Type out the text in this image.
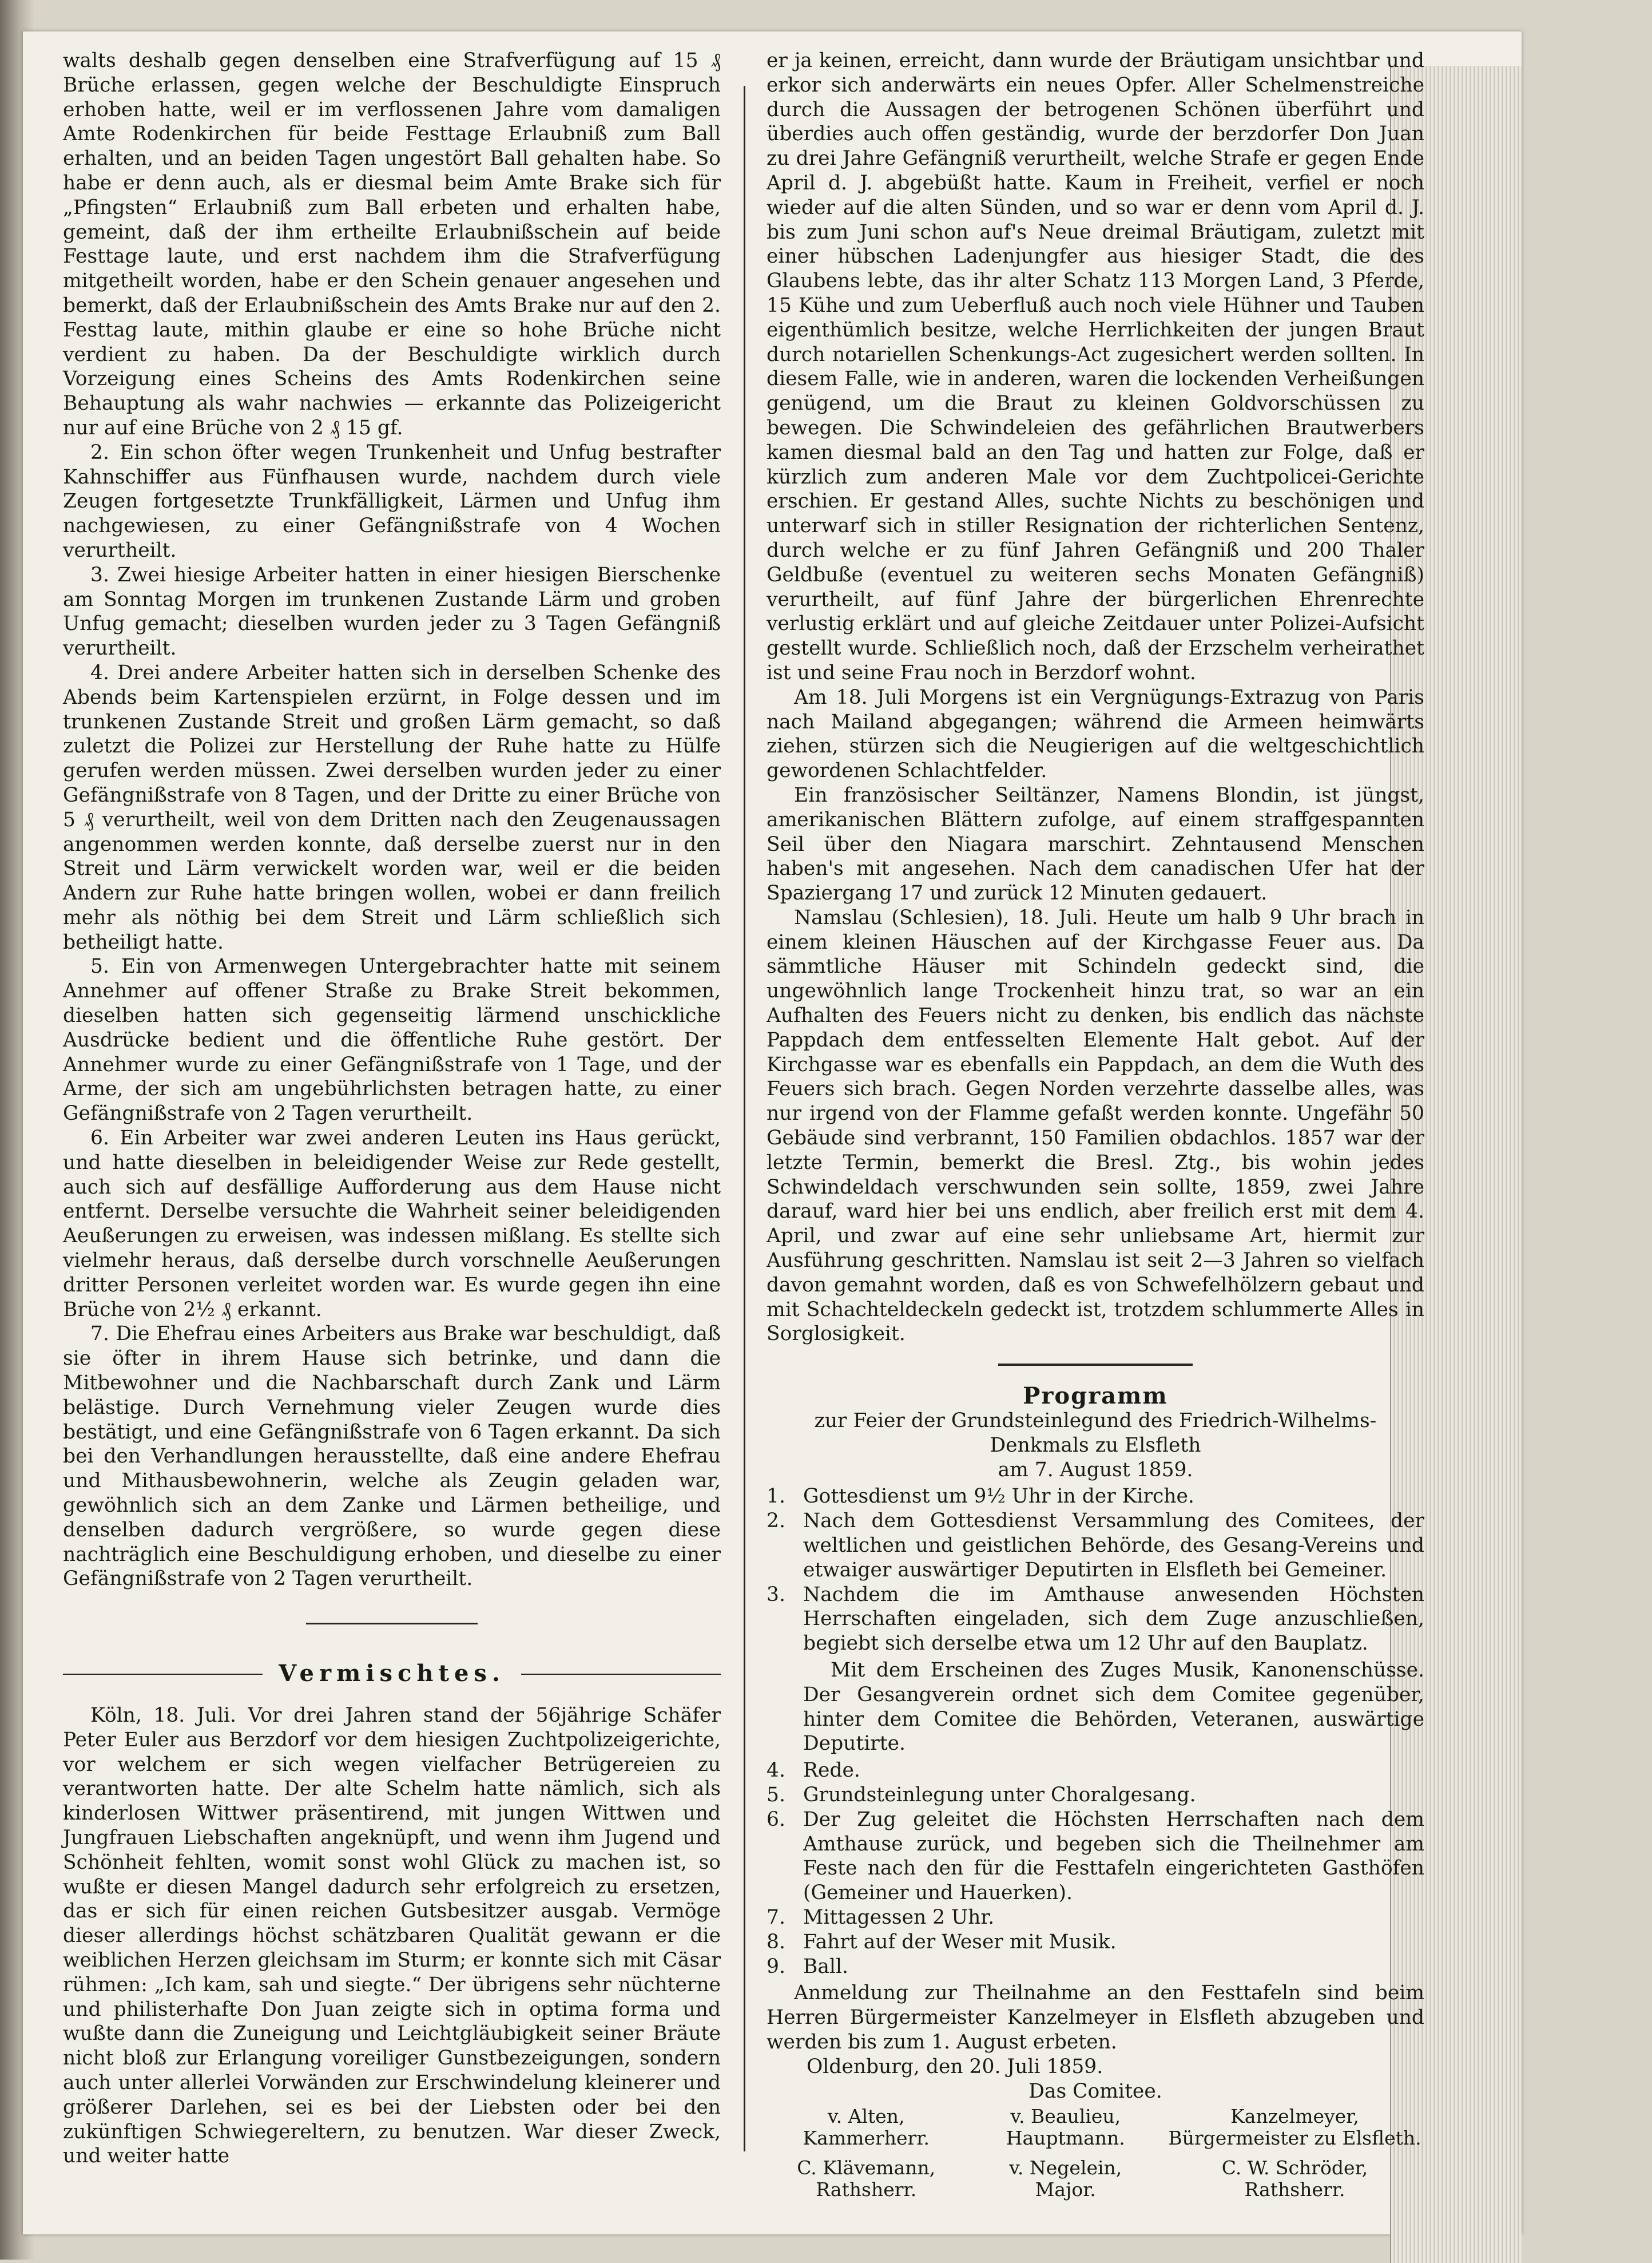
walts deshalb gegen denselben eine Strafverfügung auf 15 ₰ Brüche erlassen, gegen welche der Beschuldigte Einspruch erhoben hatte, weil er im verflossenen Jahre vom damaligen Amte Rodenkirchen für beide Festtage Erlaubniß zum Ball erhalten, und an beiden Tagen ungestört Ball gehalten habe. So habe er denn auch, als er diesmal beim Amte Brake sich für „Pfingsten“ Erlaubniß zum Ball erbeten und erhalten habe, gemeint, daß der ihm ertheilte Erlaubnißschein auf beide Festtage laute, und erst nachdem ihm die Strafverfügung mitgetheilt worden, habe er den Schein genauer angesehen und bemerkt, daß der Erlaubnißschein des Amts Brake nur auf den 2. Festtag laute, mithin glaube er eine so hohe Brüche nicht verdient zu haben. Da der Beschuldigte wirklich durch Vorzeigung eines Scheins des Amts Rodenkirchen seine Behauptung als wahr nachwies — erkannte das Polizeigericht nur auf eine Brüche von 2 ₰ 15 gf.

2. Ein schon öfter wegen Trunkenheit und Unfug bestrafter Kahnschiffer aus Fünfhausen wurde, nachdem durch viele Zeugen fortgesetzte Trunkfälligkeit, Lärmen und Unfug ihm nachgewiesen, zu einer Gefängnißstrafe von 4 Wochen verurtheilt.

3. Zwei hiesige Arbeiter hatten in einer hiesigen Bierschenke am Sonntag Morgen im trunkenen Zustande Lärm und groben Unfug gemacht; dieselben wurden jeder zu 3 Tagen Gefängniß verurtheilt.

4. Drei andere Arbeiter hatten sich in derselben Schenke des Abends beim Kartenspielen erzürnt, in Folge dessen und im trunkenen Zustande Streit und großen Lärm gemacht, so daß zuletzt die Polizei zur Herstellung der Ruhe hatte zu Hülfe gerufen werden müssen. Zwei derselben wurden jeder zu einer Gefängnißstrafe von 8 Tagen, und der Dritte zu einer Brüche von 5 ₰ verurtheilt, weil von dem Dritten nach den Zeugenaussagen angenommen werden konnte, daß derselbe zuerst nur in den Streit und Lärm verwickelt worden war, weil er die beiden Andern zur Ruhe hatte bringen wollen, wobei er dann freilich mehr als nöthig bei dem Streit und Lärm schließlich sich betheiligt hatte.

5. Ein von Armenwegen Untergebrachter hatte mit seinem Annehmer auf offener Straße zu Brake Streit bekommen, dieselben hatten sich gegenseitig lärmend unschickliche Ausdrücke bedient und die öffentliche Ruhe gestört. Der Annehmer wurde zu einer Gefängnißstrafe von 1 Tage, und der Arme, der sich am ungebührlichsten betragen hatte, zu einer Gefängnißstrafe von 2 Tagen verurtheilt.

6. Ein Arbeiter war zwei anderen Leuten ins Haus gerückt, und hatte dieselben in beleidigender Weise zur Rede gestellt, auch sich auf desfällige Aufforderung aus dem Hause nicht entfernt. Derselbe versuchte die Wahrheit seiner beleidigenden Aeußerungen zu erweisen, was indessen mißlang. Es stellte sich vielmehr heraus, daß derselbe durch vorschnelle Aeußerungen dritter Personen verleitet worden war. Es wurde gegen ihn eine Brüche von 2½ ₰ erkannt.

7. Die Ehefrau eines Arbeiters aus Brake war beschuldigt, daß sie öfter in ihrem Hause sich betrinke, und dann die Mitbewohner und die Nachbarschaft durch Zank und Lärm belästige. Durch Vernehmung vieler Zeugen wurde dies bestätigt, und eine Gefängnißstrafe von 6 Tagen erkannt. Da sich bei den Verhandlungen herausstellte, daß eine andere Ehefrau und Mithausbewohnerin, welche als Zeugin geladen war, gewöhnlich sich an dem Zanke und Lärmen betheilige, und denselben dadurch vergrößere, so wurde gegen diese nachträglich eine Beschuldigung erhoben, und dieselbe zu einer Gefängnißstrafe von 2 Tagen verurtheilt.

Vermischtes.

Köln, 18. Juli. Vor drei Jahren stand der 56jährige Schäfer Peter Euler aus Berzdorf vor dem hiesigen Zuchtpolizeigerichte, vor welchem er sich wegen vielfacher Betrügereien zu verantworten hatte. Der alte Schelm hatte nämlich, sich als kinderlosen Wittwer präsentirend, mit jungen Wittwen und Jungfrauen Liebschaften angeknüpft, und wenn ihm Jugend und Schönheit fehlten, womit sonst wohl Glück zu machen ist, so wußte er diesen Mangel dadurch sehr erfolgreich zu ersetzen, das er sich für einen reichen Gutsbesitzer ausgab. Vermöge dieser allerdings höchst schätzbaren Qualität gewann er die weiblichen Herzen gleichsam im Sturm; er konnte sich mit Cäsar rühmen: „Ich kam, sah und siegte.“ Der übrigens sehr nüchterne und philisterhafte Don Juan zeigte sich in optima forma und wußte dann die Zuneigung und Leichtgläubigkeit seiner Bräute nicht bloß zur Erlangung voreiliger Gunstbezeigungen, sondern auch unter allerlei Vorwänden zur Erschwindelung kleinerer und größerer Darlehen, sei es bei der Liebsten oder bei den zukünftigen Schwiegereltern, zu benutzen. War dieser Zweck, und weiter hatte

er ja keinen, erreicht, dann wurde der Bräutigam unsichtbar und erkor sich anderwärts ein neues Opfer. Aller Schelmenstreiche durch die Aussagen der betrogenen Schönen überführt und überdies auch offen geständig, wurde der berzdorfer Don Juan zu drei Jahre Gefängniß verurtheilt, welche Strafe er gegen Ende April d. J. abgebüßt hatte. Kaum in Freiheit, verfiel er noch wieder auf die alten Sünden, und so war er denn vom April d. J. bis zum Juni schon auf's Neue dreimal Bräutigam, zuletzt mit einer hübschen Ladenjungfer aus hiesiger Stadt, die des Glaubens lebte, das ihr alter Schatz 113 Morgen Land, 3 Pferde, 15 Kühe und zum Ueberfluß auch noch viele Hühner und Tauben eigenthümlich besitze, welche Herrlichkeiten der jungen Braut durch notariellen Schenkungs-Act zugesichert werden sollten. In diesem Falle, wie in anderen, waren die lockenden Verheißungen genügend, um die Braut zu kleinen Goldvorschüssen zu bewegen. Die Schwindeleien des gefährlichen Brautwerbers kamen diesmal bald an den Tag und hatten zur Folge, daß er kürzlich zum anderen Male vor dem Zuchtpolicei-Gerichte erschien. Er gestand Alles, suchte Nichts zu beschönigen und unterwarf sich in stiller Resignation der richterlichen Sentenz, durch welche er zu fünf Jahren Gefängniß und 200 Thaler Geldbuße (eventuel zu weiteren sechs Monaten Gefängniß) verurtheilt, auf fünf Jahre der bürgerlichen Ehrenrechte verlustig erklärt und auf gleiche Zeitdauer unter Polizei-Aufsicht gestellt wurde. Schließlich noch, daß der Erzschelm verheirathet ist und seine Frau noch in Berzdorf wohnt.

Am 18. Juli Morgens ist ein Vergnügungs-Extrazug von Paris nach Mailand abgegangen; während die Armeen heimwärts ziehen, stürzen sich die Neugierigen auf die weltgeschichtlich gewordenen Schlachtfelder.

Ein französischer Seiltänzer, Namens Blondin, ist jüngst, amerikanischen Blättern zufolge, auf einem straffgespannten Seil über den Niagara marschirt. Zehntausend Menschen haben's mit angesehen. Nach dem canadischen Ufer hat der Spaziergang 17 und zurück 12 Minuten gedauert.

Namslau (Schlesien), 18. Juli. Heute um halb 9 Uhr brach in einem kleinen Häuschen auf der Kirchgasse Feuer aus. Da sämmtliche Häuser mit Schindeln gedeckt sind, die ungewöhnlich lange Trockenheit hinzu trat, so war an ein Aufhalten des Feuers nicht zu denken, bis endlich das nächste Pappdach dem entfesselten Elemente Halt gebot. Auf der Kirchgasse war es ebenfalls ein Pappdach, an dem die Wuth des Feuers sich brach. Gegen Norden verzehrte dasselbe alles, was nur irgend von der Flamme gefaßt werden konnte. Ungefähr 50 Gebäude sind verbrannt, 150 Familien obdachlos. 1857 war der letzte Termin, bemerkt die Bresl. Ztg., bis wohin jedes Schwindeldach verschwunden sein sollte, 1859, zwei Jahre darauf, ward hier bei uns endlich, aber freilich erst mit dem 4. April, und zwar auf eine sehr unliebsame Art, hiermit zur Ausführung geschritten. Namslau ist seit 2—3 Jahren so vielfach davon gemahnt worden, daß es von Schwefelhölzern gebaut und mit Schachteldeckeln gedeckt ist, trotzdem schlummerte Alles in Sorglosigkeit.

Programm
zur Feier der Grundsteinlegund des Friedrich-Wilhelms-Denkmals zu Elsfleth
am 7. August 1859.
1. Gottesdienst um 9½ Uhr in der Kirche.
2. Nach dem Gottesdienst Versammlung des Comitees, der weltlichen und geistlichen Behörde, des Gesang-Vereins und etwaiger auswärtiger Deputirten in Elsfleth bei Gemeiner.
3. Nachdem die im Amthause anwesenden Höchsten Herrschaften eingeladen, sich dem Zuge anzuschließen, begiebt sich derselbe etwa um 12 Uhr auf den Bauplatz.

Mit dem Erscheinen des Zuges Musik, Kanonenschüsse. Der Gesangverein ordnet sich dem Comitee gegenüber, hinter dem Comitee die Behörden, Veteranen, auswärtige Deputirte.

4. Rede.
5. Grundsteinlegung unter Choralgesang.
6. Der Zug geleitet die Höchsten Herrschaften nach dem Amthause zurück, und begeben sich die Theilnehmer am Feste nach den für die Festtafeln eingerichteten Gasthöfen (Gemeiner und Hauerken).
7. Mittagessen 2 Uhr.
8. Fahrt auf der Weser mit Musik.
9. Ball.

Anmeldung zur Theilnahme an den Festtafeln sind beim Herren Bürgermeister Kanzelmeyer in Elsfleth abzugeben und werden bis zum 1. August erbeten.

Oldenburg, den 20. Juli 1859.
Das Comitee.
v. Alten,
Kammerherr.
v. Beaulieu,
Hauptmann.
Kanzelmeyer,
Bürgermeister zu Elsfleth.
C. Klävemann,
Rathsherr.
v. Negelein,
Major.
C. W. Schröder,
Rathsherr.
